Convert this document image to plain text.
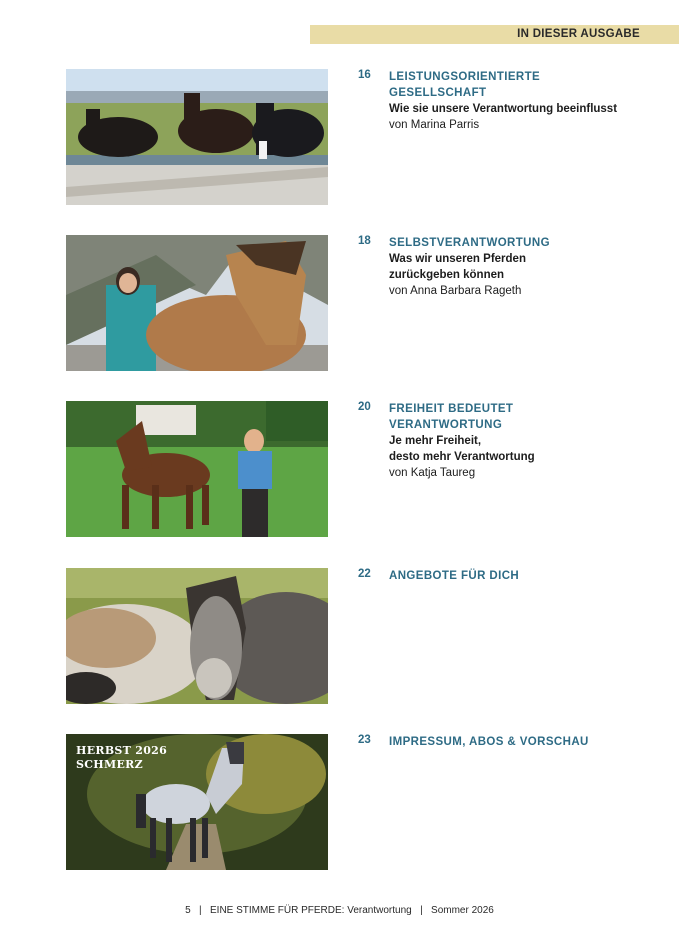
IN DIESER AUSGABE
16 LEISTUNGSORIENTIERTE

GESELLSCHAFT

Wie sie unsere Verantwortung beeinflusst

von Marina Parris

18 SELBSTVERANTWORTUNG

Was wir unseren Pferden

zurückgeben können

von Anna Barbara Rageth

20 FREIHEIT BEDEUTET

VERANTWORTUNG

Je mehr Freiheit,

desto mehr Verantwortung

von Katja Taureg

22 ANGEBOTE FÜR DICH

HERBST 2026
SCHMERZ
23 IMPRESSUM, ABOS & VORSCHAU

5 | EINE STIMME FÜR PFERDE: Verantwortung | Sommer 2026
